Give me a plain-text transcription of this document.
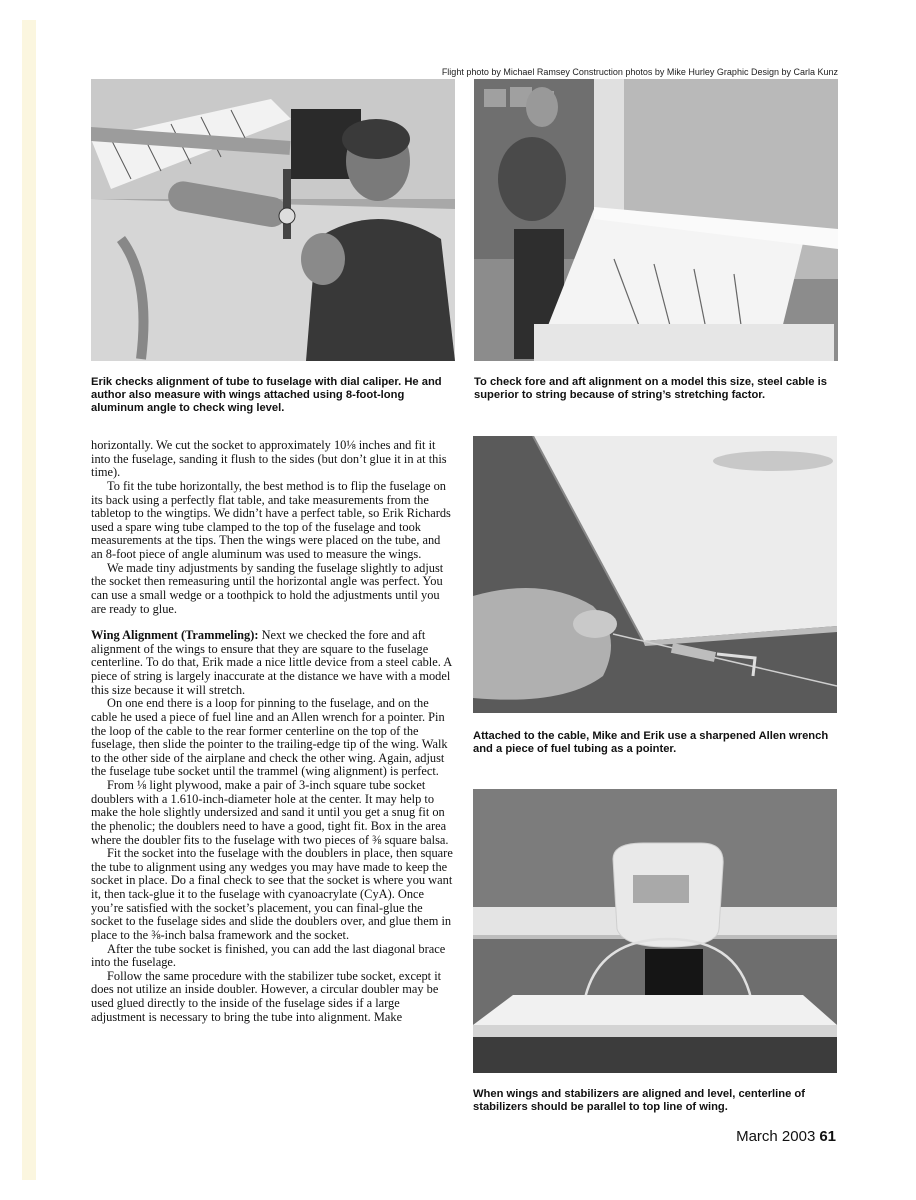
Flight photo by Michael Ramsey Construction photos by Mike Hurley Graphic Design by Carla Kunz
Erik checks alignment of tube to fuselage with dial caliper. He and author also measure with wings attached using 8-foot-long aluminum angle to check wing level.
To check fore and aft alignment on a model this size, steel cable is superior to string because of string’s stretching factor.
Attached to the cable, Mike and Erik use a sharpened Allen wrench and a piece of fuel tubing as a pointer.
When wings and stabilizers are aligned and level, centerline of stabilizers should be parallel to top line of wing.

horizontally. We cut the socket to approximately 10⅛ inches and fit it into the fuselage, sanding it flush to the sides (but don’t glue it in at this time).

To fit the tube horizontally, the best method is to flip the fuselage on its back using a perfectly flat table, and take measurements from the tabletop to the wingtips. We didn’t have a perfect table, so Erik Richards used a spare wing tube clamped to the top of the fuselage and took measurements at the tips. Then the wings were placed on the tube, and an 8-foot piece of angle aluminum was used to measure the wings.

We made tiny adjustments by sanding the fuselage slightly to adjust the socket then remeasuring until the horizontal angle was perfect. You can use a small wedge or a toothpick to hold the adjustments until you are ready to glue.

Wing Alignment (Trammeling): Next we checked the fore and aft alignment of the wings to ensure that they are square to the fuselage centerline. To do that, Erik made a nice little device from a steel cable. A piece of string is largely inaccurate at the distance we have with a model this size because it will stretch.

On one end there is a loop for pinning to the fuselage, and on the cable he used a piece of fuel line and an Allen wrench for a pointer. Pin the loop of the cable to the rear former centerline on the top of the fuselage, then slide the pointer to the trailing-edge tip of the wing. Walk to the other side of the airplane and check the other wing. Again, adjust the fuselage tube socket until the trammel (wing alignment) is perfect.

From ⅛ light plywood, make a pair of 3-inch square tube socket doublers with a 1.610-inch-diameter hole at the center. It may help to make the hole slightly undersized and sand it until you get a snug fit on the phenolic; the doublers need to have a good, tight fit. Box in the area where the doubler fits to the fuselage with two pieces of ⅜ square balsa.

Fit the socket into the fuselage with the doublers in place, then square the tube to alignment using any wedges you may have made to keep the socket in place. Do a final check to see that the socket is where you want it, then tack-glue it to the fuselage with cyanoacrylate (CyA). Once you’re satisfied with the socket’s placement, you can final-glue the socket to the fuselage sides and slide the doublers over, and glue them in place to the ⅜-inch balsa framework and the socket.

After the tube socket is finished, you can add the last diagonal brace into the fuselage.

Follow the same procedure with the stabilizer tube socket, except it does not utilize an inside doubler. However, a circular doubler may be used glued directly to the inside of the fuselage sides if a large adjustment is necessary to bring the tube into alignment. Make

March 2003 61
